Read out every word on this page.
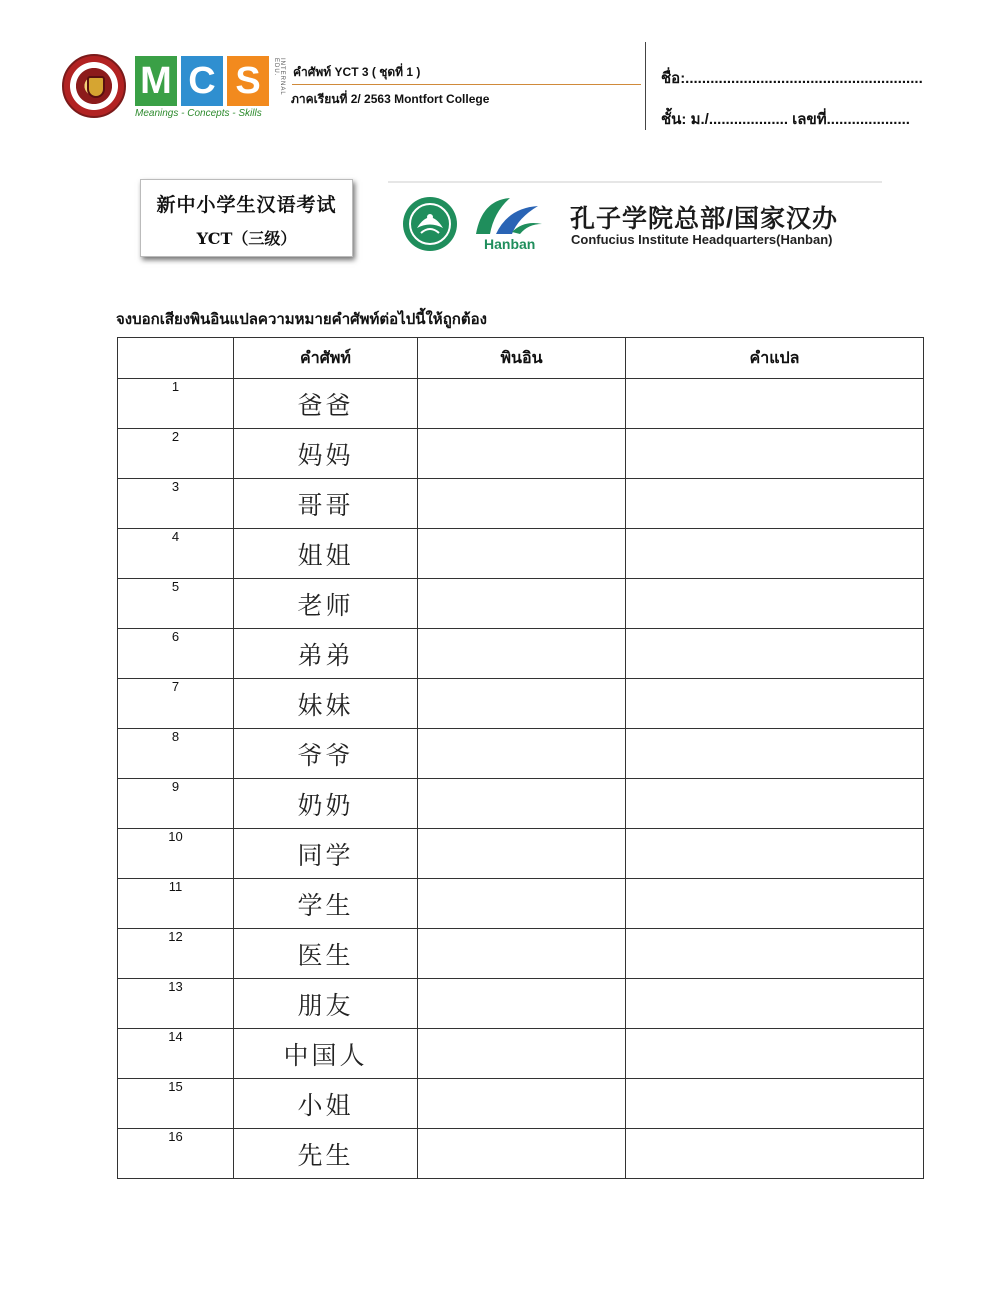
M C S	INTERNAL EDU.
Meanings - Concepts - Skills
คำศัพท์ YCT 3 ( ชุดที่ 1 )
ภาคเรียนที่ 2/ 2563 Montfort College
ชื่อ:.........................................................
ชั้น: ม./................... เลขที่....................
新中小学生汉语考试
YCT（三级）	Hanban
孔子学院总部/国家汉办
Confucius Institute Headquarters(Hanban)
จงบอกเสียงพินอินแปลความหมายคำศัพท์ต่อไปนี้ให้ถูกต้อง
	คำศัพท์	พินอิน	คำแปล
1	爸爸		
2	妈妈		
3	哥哥		
4	姐姐		
5	老师		
6	弟弟		
7	妹妹		
8	爷爷		
9	奶奶		
10	同学		
11	学生		
12	医生		
13	朋友		
14	中国人		
15	小姐		
16	先生		
